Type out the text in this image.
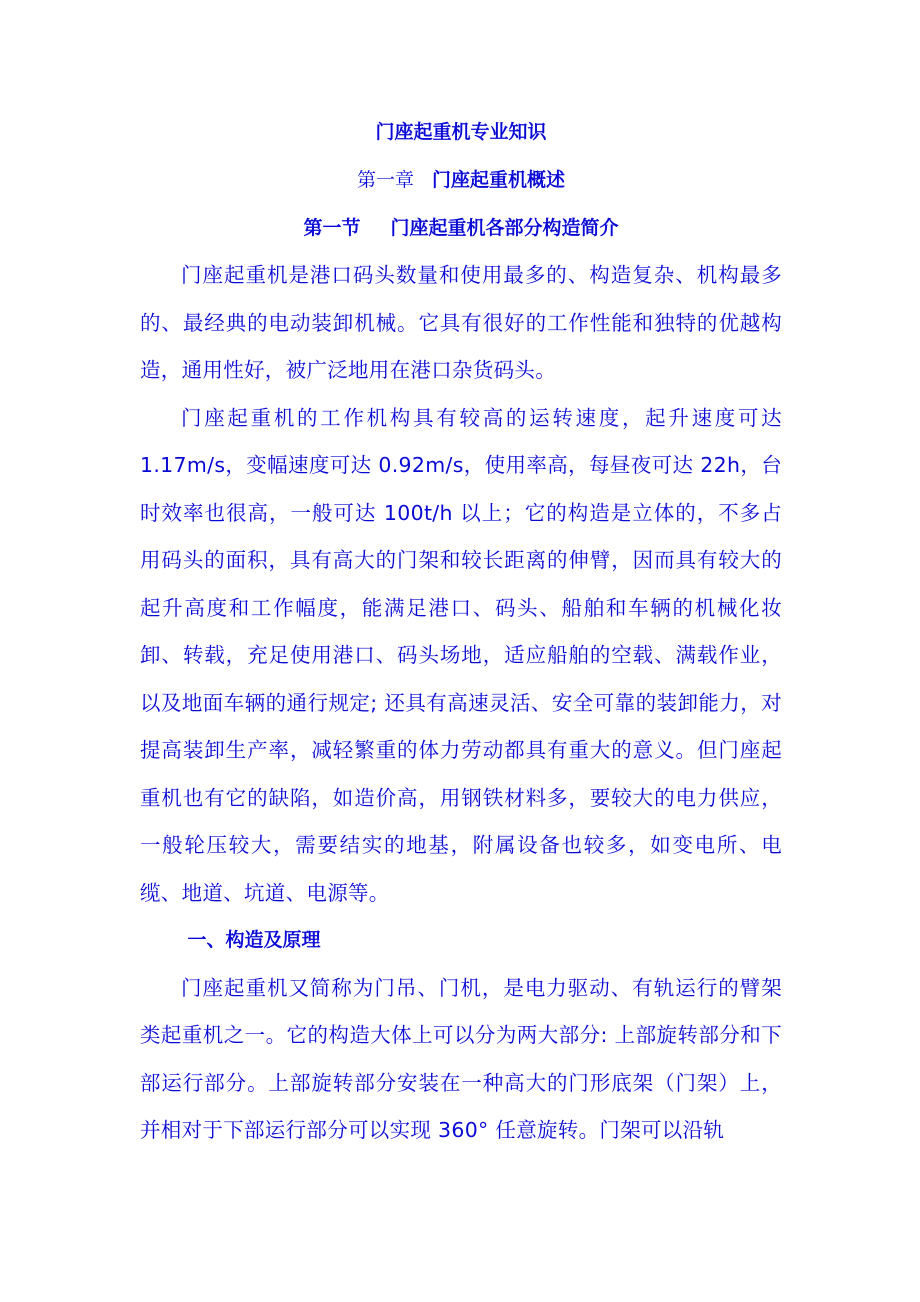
门座起重机专业知识
第一章 门座起重机概述
第一节 门座起重机各部分构造简介

门座起重机是港口码头数量和使用最多的、构造复杂、机构最多的、最经典的电动装卸机械。它具有很好的工作性能和独特的优越构造，通用性好，被广泛地用在港口杂货码头。

门座起重机的工作机构具有较高的运转速度，起升速度可达1.17m/s，变幅速度可达 0.92m/s，使用率高，每昼夜可达 22h，台时效率也很高，一般可达 100t/h 以上；它的构造是立体的，不多占用码头的面积，具有高大的门架和较长距离的伸臂，因而具有较大的起升高度和工作幅度，能满足港口、码头、船舶和车辆的机械化妆卸、转载，充足使用港口、码头场地，适应船舶的空载、满载作业，以及地面车辆的通行规定; 还具有高速灵活、安全可靠的装卸能力，对提高装卸生产率，减轻繁重的体力劳动都具有重大的意义。但门座起重机也有它的缺陷，如造价高，用钢铁材料多，要较大的电力供应，一般轮压较大，需要结实的地基，附属设备也较多，如变电所、电缆、地道、坑道、电源等。

一、构造及原理

门座起重机又简称为门吊、门机，是电力驱动、有轨运行的臂架类起重机之一。它的构造大体上可以分为两大部分: 上部旋转部分和下部运行部分。上部旋转部分安装在一种高大的门形底架（门架）上，并相对于下部运行部分可以实现 360° 任意旋转。门架可以沿轨
